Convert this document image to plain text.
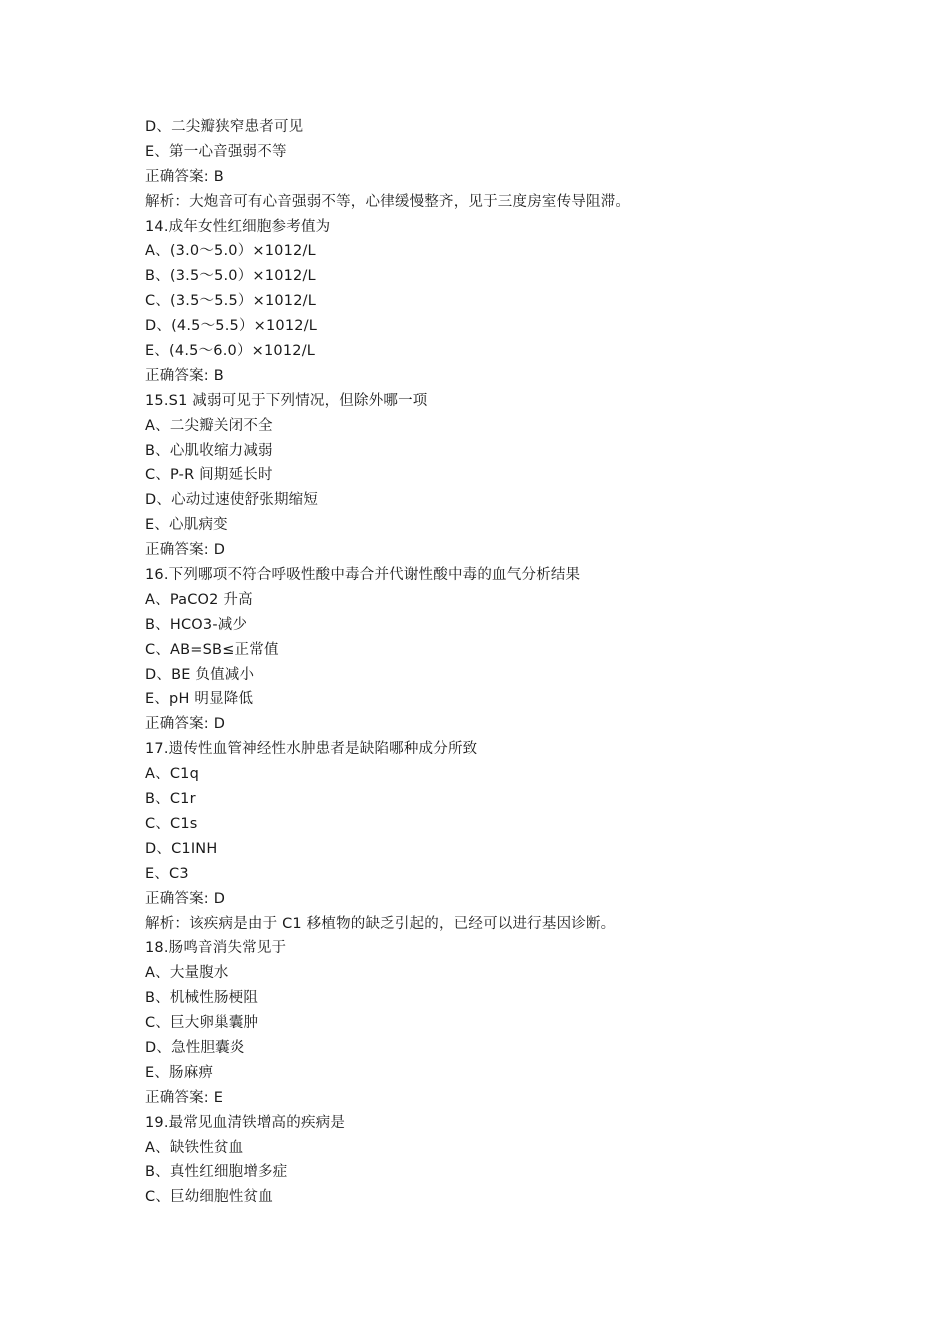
D、二尖瓣狭窄患者可见
E、第一心音强弱不等
正确答案: B
解析：大炮音可有心音强弱不等，心律缓慢整齐，见于三度房室传导阻滞。
14.成年女性红细胞参考值为
A、(3.0～5.0）×1012/L
B、(3.5～5.0）×1012/L
C、(3.5～5.5）×1012/L
D、(4.5～5.5）×1012/L
E、(4.5～6.0）×1012/L
正确答案: B
15.S1 减弱可见于下列情况，但除外哪一项
A、二尖瓣关闭不全
B、心肌收缩力减弱
C、P-R 间期延长时
D、心动过速使舒张期缩短
E、心肌病变
正确答案: D
16.下列哪项不符合呼吸性酸中毒合并代谢性酸中毒的血气分析结果
A、PaCO2 升高
B、HCO3-减少
C、AB=SB≤正常值
D、BE 负值减小
E、pH 明显降低
正确答案: D
17.遗传性血管神经性水肿患者是缺陷哪种成分所致
A、C1q
B、C1r
C、C1s
D、C1INH
E、C3
正确答案: D
解析：该疾病是由于 C1 移植物的缺乏引起的，已经可以进行基因诊断。
18.肠鸣音消失常见于
A、大量腹水
B、机械性肠梗阻
C、巨大卵巢囊肿
D、急性胆囊炎
E、肠麻痹
正确答案: E
19.最常见血清铁增高的疾病是
A、缺铁性贫血
B、真性红细胞增多症
C、巨幼细胞性贫血
